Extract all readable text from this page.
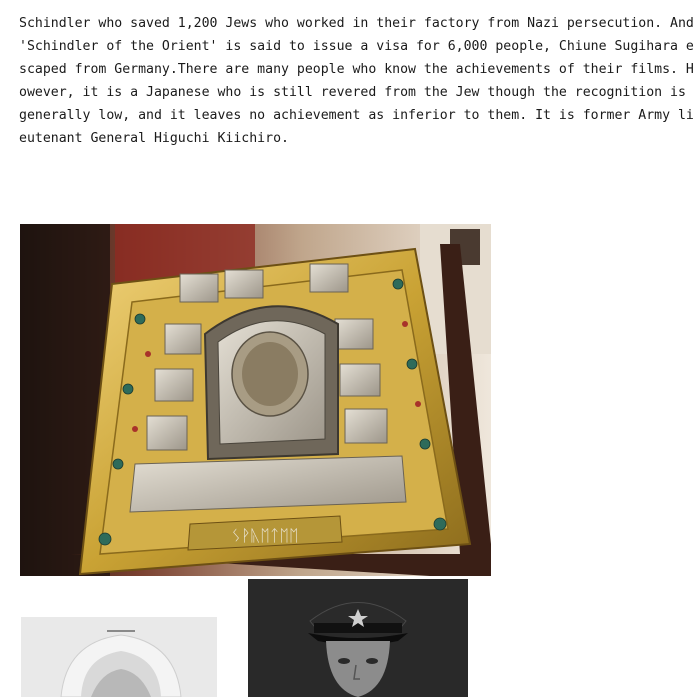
Schindler who saved 1,200 Jews who worked in their factory from Nazi persecution. And
'Schindler of the Orient' is said to issue a visa for 6,000 people, Chiune Sugihara e
scaped from Germany.There are many people who know the achievements of their films. H
owever, it is a Japanese who is still revered from the Jew though the recognition is
generally low, and it leaves no achievement as inferior to them. It is former Army li
eutenant General Higuchi Kiichiro.
ᛊᚹᚣᛖᛏᛖᛖ
